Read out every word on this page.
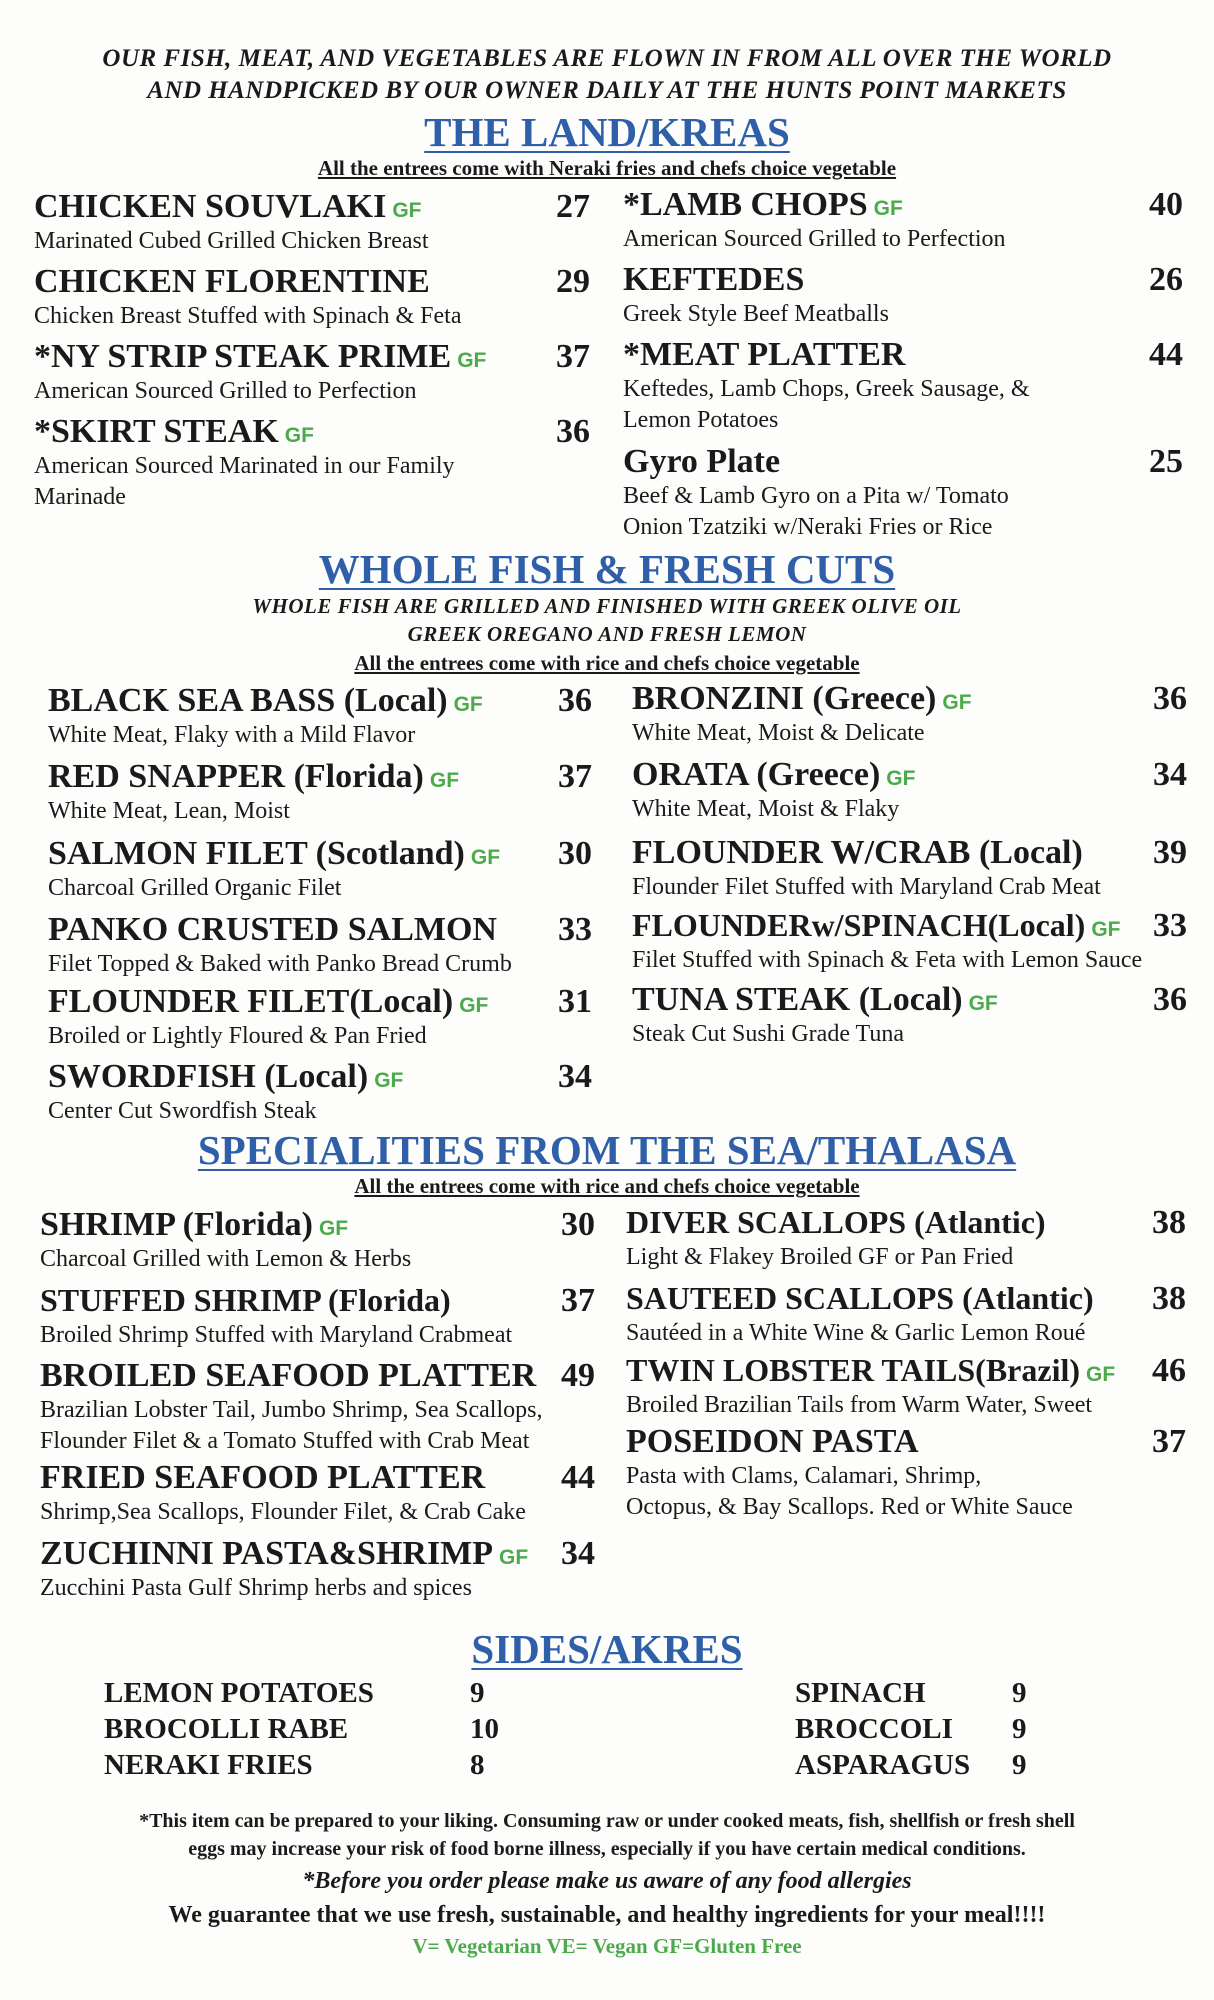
OUR FISH, MEAT, AND VEGETABLES ARE FLOWN IN FROM ALL OVER THE WORLD
AND HANDPICKED BY OUR OWNER DAILY AT THE HUNTS POINT MARKETS
THE LAND/KREAS
All the entrees come with Neraki fries and chefs choice vegetable
CHICKEN SOUVLAKI GF	27
Marinated Cubed Grilled Chicken Breast
CHICKEN FLORENTINE	29
Chicken Breast Stuffed with Spinach & Feta
*NY STRIP STEAK PRIME GF 37
American Sourced Grilled to Perfection
*SKIRT STEAK GF	36
American Sourced Marinated in our Family
Marinade
*LAMB CHOPS GF	40
American Sourced Grilled to Perfection
KEFTEDES	26
Greek Style Beef Meatballs
*MEAT PLATTER	44
Keftedes, Lamb Chops, Greek Sausage, &
Lemon Potatoes
Gyro Plate	25
Beef & Lamb Gyro on a Pita w/ Tomato
Onion Tzatziki w/Neraki Fries or Rice
WHOLE FISH & FRESH CUTS
WHOLE FISH ARE GRILLED AND FINISHED WITH GREEK OLIVE OIL
GREEK OREGANO AND FRESH LEMON
All the entrees come with rice and chefs choice vegetable
BLACK SEA BASS (Local) GF 36
White Meat, Flaky with a Mild Flavor
RED SNAPPER (Florida) GF	37
White Meat, Lean, Moist
SALMON FILET (Scotland) GF 30
Charcoal Grilled Organic Filet
PANKO CRUSTED SALMON 33
Filet Topped & Baked with Panko Bread Crumb
FLOUNDER FILET(Local) GF 31
Broiled or Lightly Floured & Pan Fried
SWORDFISH (Local) GF	34
Center Cut Swordfish Steak
BRONZINI (Greece) GF	36
White Meat, Moist & Delicate
ORATA (Greece) GF	34
White Meat, Moist & Flaky
FLOUNDER W/CRAB (Local) 39
Flounder Filet Stuffed with Maryland Crab Meat
FLOUNDERw/SPINACH(Local) GF 33
Filet Stuffed with Spinach & Feta with Lemon Sauce
TUNA STEAK (Local) GF	36
Steak Cut Sushi Grade Tuna
SPECIALITIES FROM THE SEA/THALASA
All the entrees come with rice and chefs choice vegetable
SHRIMP (Florida) GF	30
Charcoal Grilled with Lemon & Herbs
STUFFED SHRIMP (Florida)	37
Broiled Shrimp Stuffed with Maryland Crabmeat
BROILED SEAFOOD PLATTER 49
Brazilian Lobster Tail, Jumbo Shrimp, Sea Scallops,
Flounder Filet & a Tomato Stuffed with Crab Meat
FRIED SEAFOOD PLATTER 44
Shrimp,Sea Scallops, Flounder Filet, & Crab Cake
ZUCHINNI PASTA&SHRIMP GF 34
Zucchini Pasta Gulf Shrimp herbs and spices
DIVER SCALLOPS (Atlantic)	38
Light & Flakey Broiled GF or Pan Fried
SAUTEED SCALLOPS (Atlantic) 38
Sautéed in a White Wine & Garlic Lemon Roué
TWIN LOBSTER TAILS(Brazil) GF 46
Broiled Brazilian Tails from Warm Water, Sweet
POSEIDON PASTA	37
Pasta with Clams, Calamari, Shrimp,
Octopus, & Bay Scallops. Red or White Sauce
SIDES/AKRES
LEMON POTATOES	9
BROCOLLI RABE	10
NERAKI FRIES	8
SPINACH	9
BROCCOLI 9
ASPARAGUS 9
*This item can be prepared to your liking. Consuming raw or under cooked meats, fish, shellfish or fresh shell
eggs may increase your risk of food borne illness, especially if you have certain medical conditions.
*Before you order please make us aware of any food allergies
We guarantee that we use fresh, sustainable, and healthy ingredients for your meal!!!!
V= Vegetarian VE= Vegan GF=Gluten Free
